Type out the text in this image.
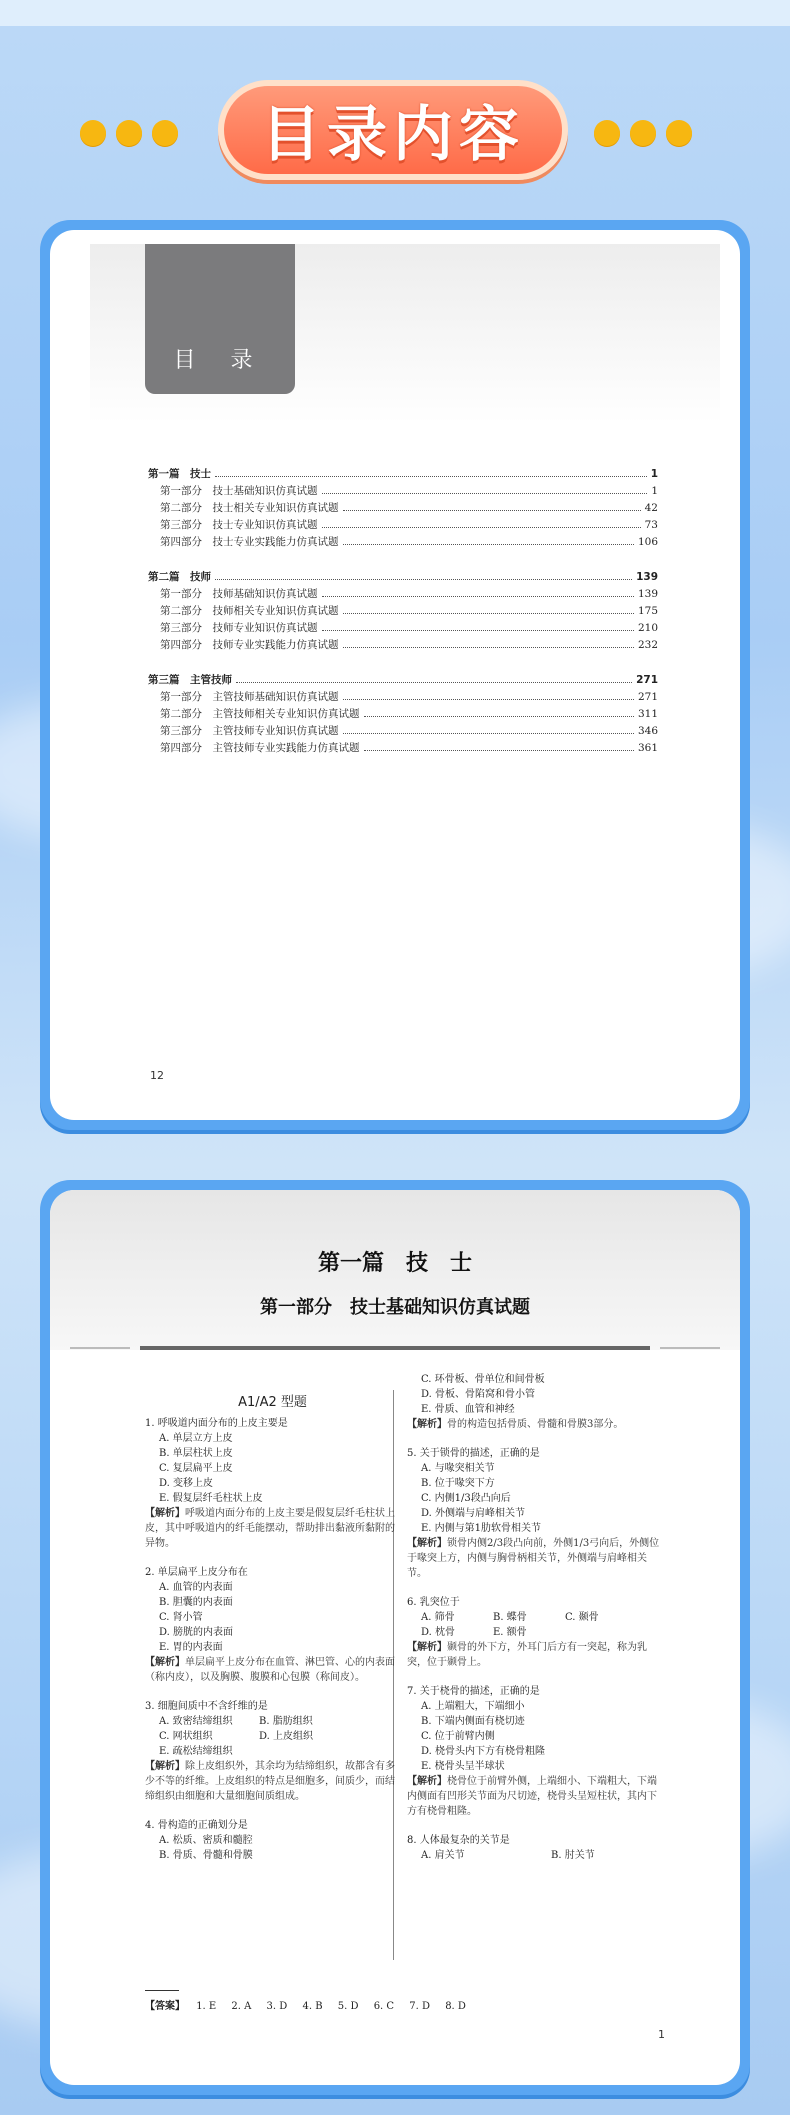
目录内容
目 录
第一篇　技士	1
第一部分　技士基础知识仿真试题	1
第二部分　技士相关专业知识仿真试题	42
第三部分　技士专业知识仿真试题	73
第四部分　技士专业实践能力仿真试题	106
第二篇　技师	139
第一部分　技师基础知识仿真试题	139
第二部分　技师相关专业知识仿真试题	175
第三部分　技师专业知识仿真试题	210
第四部分　技师专业实践能力仿真试题	232
第三篇　主管技师	271
第一部分　主管技师基础知识仿真试题	271
第二部分　主管技师相关专业知识仿真试题	311
第三部分　主管技师专业知识仿真试题	346
第四部分　主管技师专业实践能力仿真试题	361
12
第一篇　技　士
第一部分　技士基础知识仿真试题
A1/A2 型题
1. 呼吸道内面分布的上皮主要是
A. 单层立方上皮
B. 单层柱状上皮
C. 复层扁平上皮
D. 变移上皮
E. 假复层纤毛柱状上皮
【解析】呼吸道内面分布的上皮主要是假复层纤毛柱状上皮，其中呼吸道内的纤毛能摆动，帮助排出黏液所黏附的异物。
2. 单层扁平上皮分布在
A. 血管的内表面
B. 胆囊的内表面
C. 肾小管
D. 膀胱的内表面
E. 胃的内表面
【解析】单层扁平上皮分布在血管、淋巴管、心的内表面（称内皮），以及胸膜、腹膜和心包膜（称间皮）。
3. 细胞间质中不含纤维的是
A. 致密结缔组织	B. 脂肪组织
C. 网状组织	D. 上皮组织
E. 疏松结缔组织
【解析】除上皮组织外，其余均为结缔组织，故都含有多少不等的纤维。上皮组织的特点是细胞多，间质少，而结缔组织由细胞和大量细胞间质组成。
4. 骨构造的正确划分是
A. 松质、密质和髓腔
B. 骨质、骨髓和骨膜
C. 环骨板、骨单位和间骨板
D. 骨板、骨陷窝和骨小管
E. 骨质、血管和神经
【解析】骨的构造包括骨质、骨髓和骨膜3部分。
5. 关于锁骨的描述，正确的是
A. 与喙突相关节
B. 位于喙突下方
C. 内侧1/3段凸向后
D. 外侧端与肩峰相关节
E. 内侧与第1肋软骨相关节
【解析】锁骨内侧2/3段凸向前，外侧1/3弓向后，外侧位于喙突上方，内侧与胸骨柄相关节，外侧端与肩峰相关节。
6. 乳突位于
A. 筛骨	B. 蝶骨	C. 颞骨
D. 枕骨	E. 额骨
【解析】颞骨的外下方，外耳门后方有一突起，称为乳突，位于颞骨上。
7. 关于桡骨的描述，正确的是
A. 上端粗大，下端细小
B. 下端内侧面有桡切迹
C. 位于前臂内侧
D. 桡骨头内下方有桡骨粗隆
E. 桡骨头呈半球状
【解析】桡骨位于前臂外侧，上端细小、下端粗大，下端内侧面有凹形关节面为尺切迹，桡骨头呈短柱状，其内下方有桡骨粗隆。
8. 人体最复杂的关节是
A. 肩关节	B. 肘关节
【答案】 1. E 2. A 3. D 4. B 5. D 6. C 7. D 8. D
1
